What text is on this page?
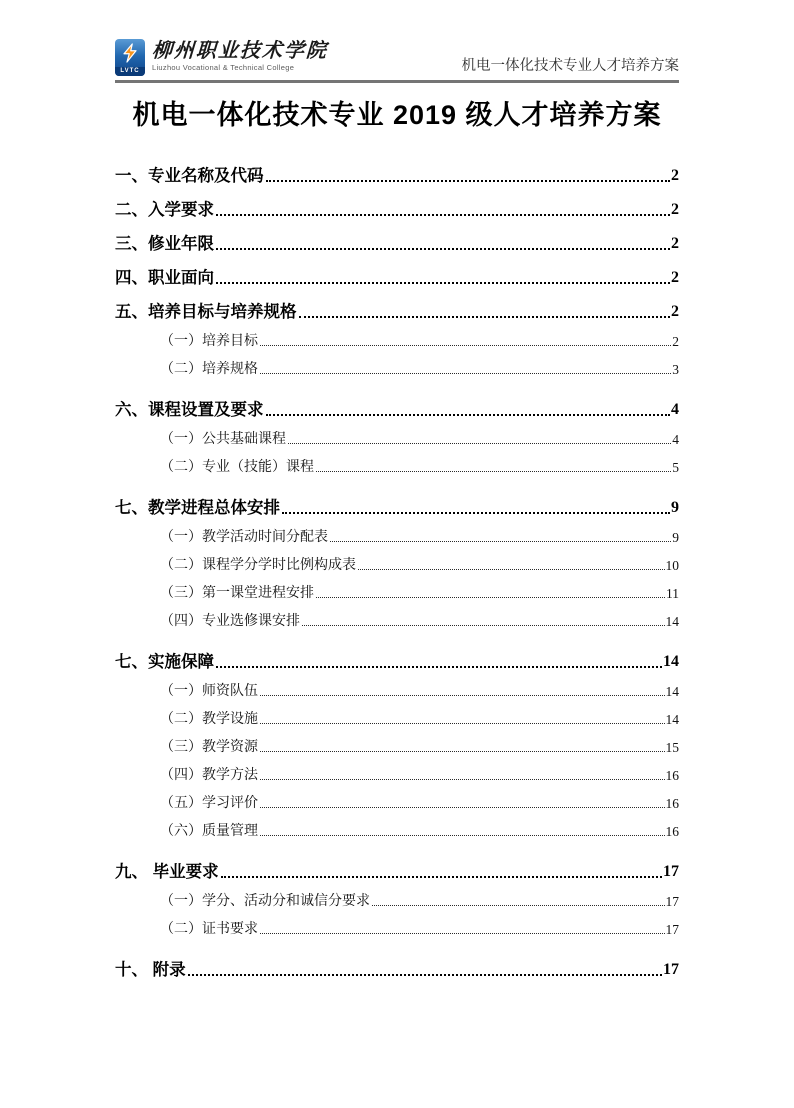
LVTC
柳州职业技术学院
Liuzhou Vocational & Technical College	机电一体化技术专业人才培养方案
机电一体化技术专业 2019 级人才培养方案
一、专业名称及代码	2
二、入学要求	2
三、修业年限	2
四、职业面向	2
五、培养目标与培养规格	2
（一）培养目标	2
（二）培养规格	3
六、课程设置及要求	4
（一）公共基础课程	4
（二）专业（技能）课程	5
七、教学进程总体安排	9
（一）教学活动时间分配表	9
（二）课程学分学时比例构成表	10
（三）第一课堂进程安排	11
（四）专业选修课安排	14
七、实施保障	14
（一）师资队伍	14
（二）教学设施	14
（三）教学资源	15
（四）教学方法	16
（五）学习评价	16
（六）质量管理	16
九、 毕业要求	17
（一）学分、活动分和诚信分要求	17
（二）证书要求	17
十、 附录	17
